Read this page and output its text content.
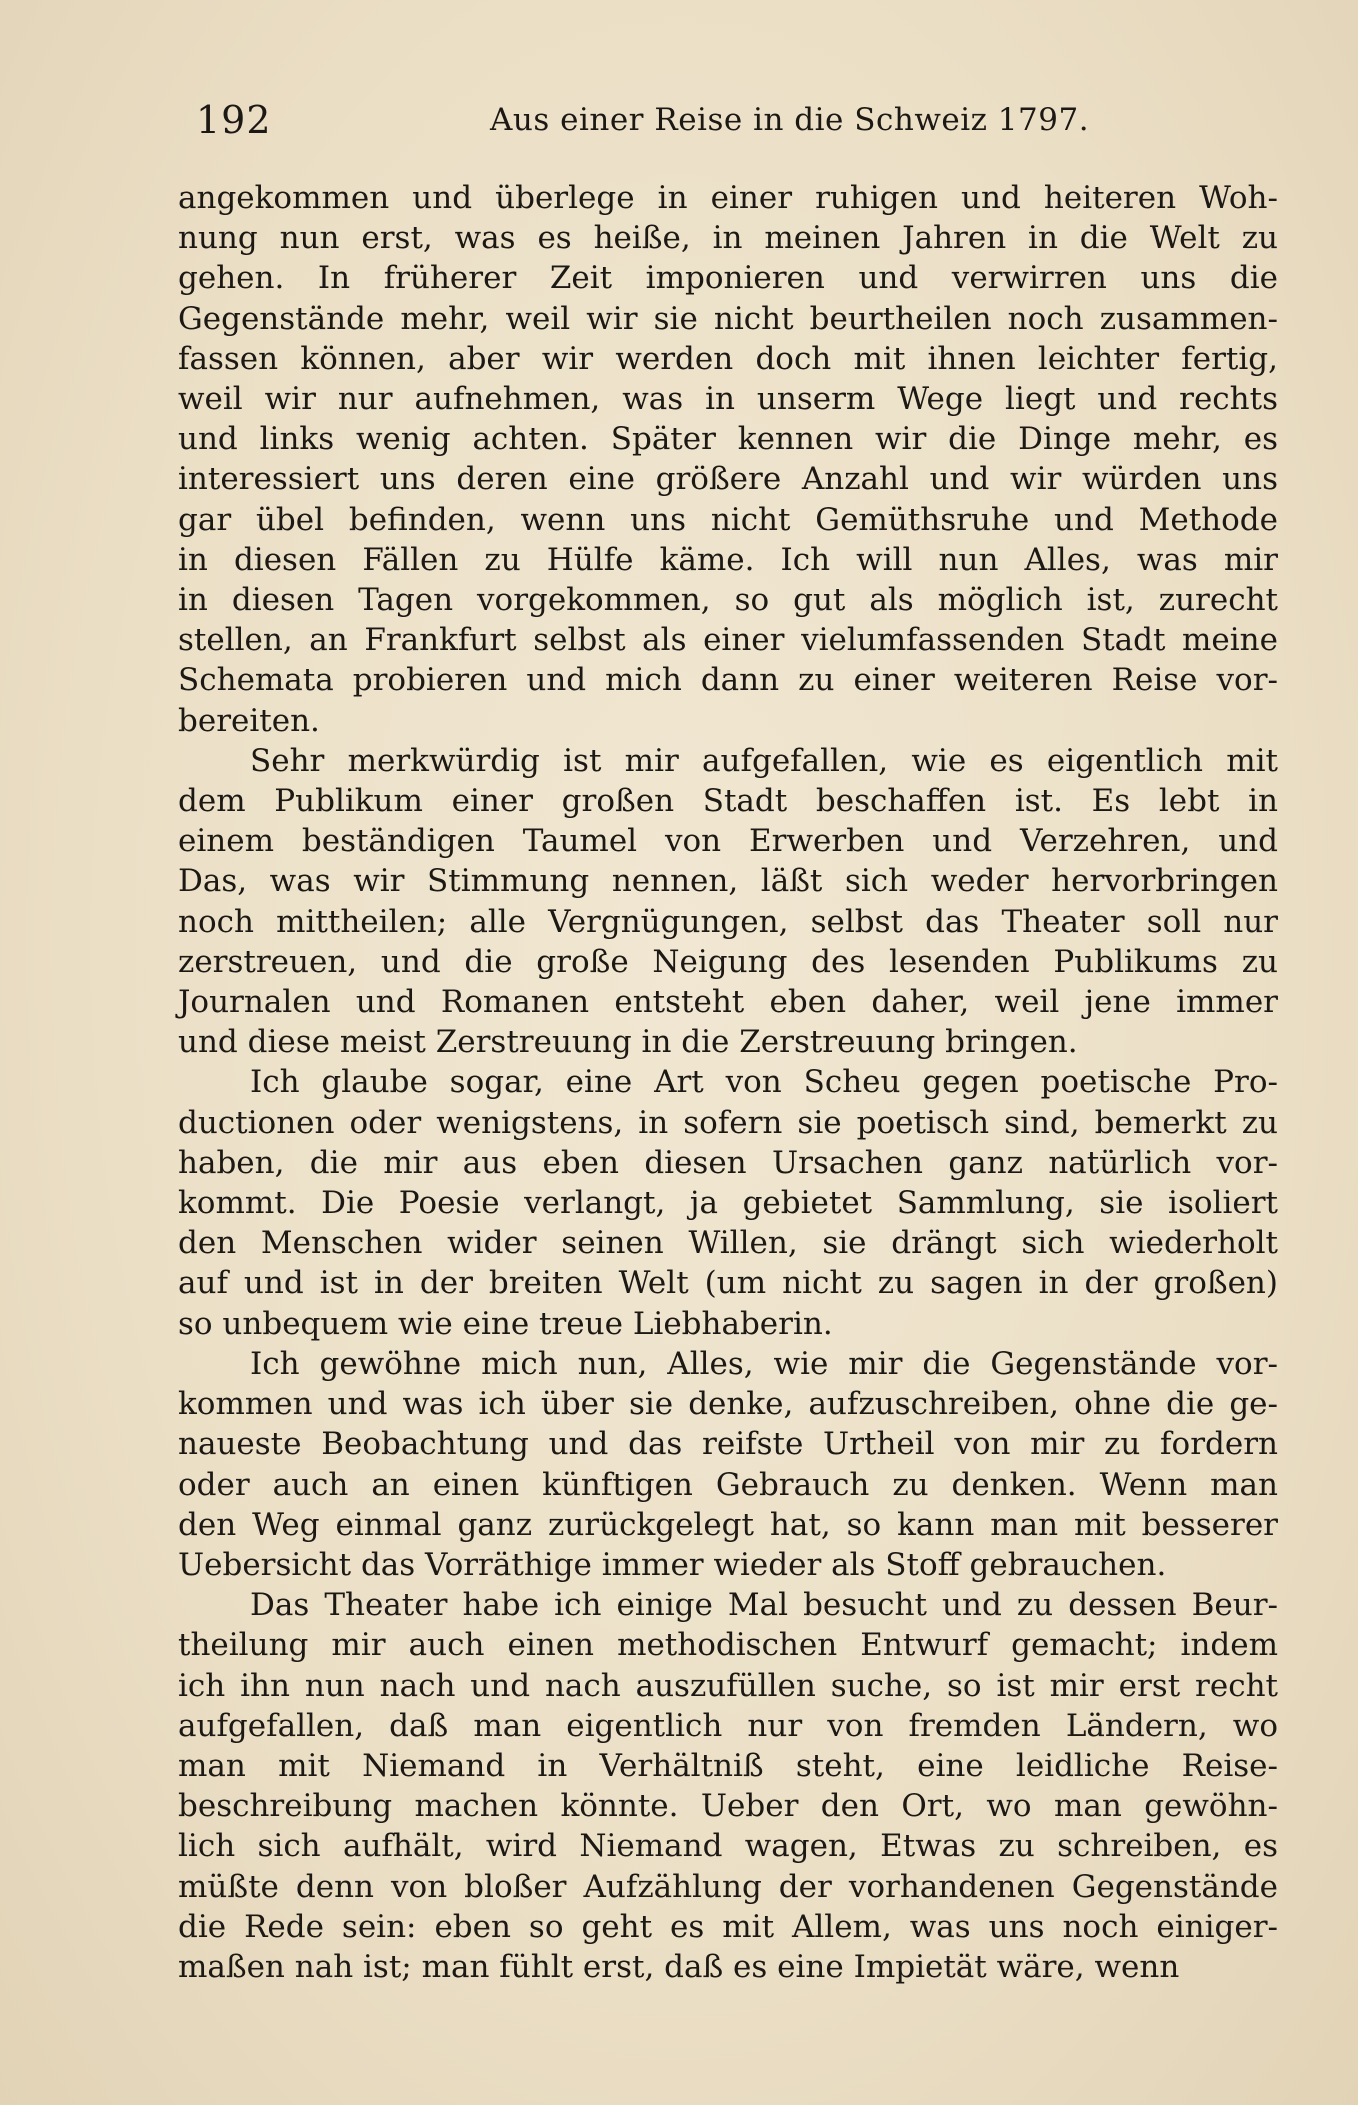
192	Aus einer Reise in die Schweiz 1797.
angekommen und überlege in einer ruhigen und heiteren Woh-
nung nun erst, was es heiße, in meinen Jahren in die Welt zu
gehen. In früherer Zeit imponieren und verwirren uns die
Gegenstände mehr, weil wir sie nicht beurtheilen noch zusammen-
fassen können, aber wir werden doch mit ihnen leichter fertig,
weil wir nur aufnehmen, was in unserm Wege liegt und rechts
und links wenig achten. Später kennen wir die Dinge mehr, es
interessiert uns deren eine größere Anzahl und wir würden uns
gar übel befinden, wenn uns nicht Gemüthsruhe und Methode
in diesen Fällen zu Hülfe käme. Ich will nun Alles, was mir
in diesen Tagen vorgekommen, so gut als möglich ist, zurecht
stellen, an Frankfurt selbst als einer vielumfassenden Stadt meine
Schemata probieren und mich dann zu einer weiteren Reise vor-
bereiten.
Sehr merkwürdig ist mir aufgefallen, wie es eigentlich mit
dem Publikum einer großen Stadt beschaffen ist. Es lebt in
einem beständigen Taumel von Erwerben und Verzehren, und
Das, was wir Stimmung nennen, läßt sich weder hervorbringen
noch mittheilen; alle Vergnügungen, selbst das Theater soll nur
zerstreuen, und die große Neigung des lesenden Publikums zu
Journalen und Romanen entsteht eben daher, weil jene immer
und diese meist Zerstreuung in die Zerstreuung bringen.
Ich glaube sogar, eine Art von Scheu gegen poetische Pro-
ductionen oder wenigstens, in sofern sie poetisch sind, bemerkt zu
haben, die mir aus eben diesen Ursachen ganz natürlich vor-
kommt. Die Poesie verlangt, ja gebietet Sammlung, sie isoliert
den Menschen wider seinen Willen, sie drängt sich wiederholt
auf und ist in der breiten Welt (um nicht zu sagen in der großen)
so unbequem wie eine treue Liebhaberin.
Ich gewöhne mich nun, Alles, wie mir die Gegenstände vor-
kommen und was ich über sie denke, aufzuschreiben, ohne die ge-
naueste Beobachtung und das reifste Urtheil von mir zu fordern
oder auch an einen künftigen Gebrauch zu denken. Wenn man
den Weg einmal ganz zurückgelegt hat, so kann man mit besserer
Uebersicht das Vorräthige immer wieder als Stoff gebrauchen.
Das Theater habe ich einige Mal besucht und zu dessen Beur-
theilung mir auch einen methodischen Entwurf gemacht; indem
ich ihn nun nach und nach auszufüllen suche, so ist mir erst recht
aufgefallen, daß man eigentlich nur von fremden Ländern, wo
man mit Niemand in Verhältniß steht, eine leidliche Reise-
beschreibung machen könnte. Ueber den Ort, wo man gewöhn-
lich sich aufhält, wird Niemand wagen, Etwas zu schreiben, es
müßte denn von bloßer Aufzählung der vorhandenen Gegenstände
die Rede sein: eben so geht es mit Allem, was uns noch einiger-
maßen nah ist; man fühlt erst, daß es eine Impietät wäre, wenn
